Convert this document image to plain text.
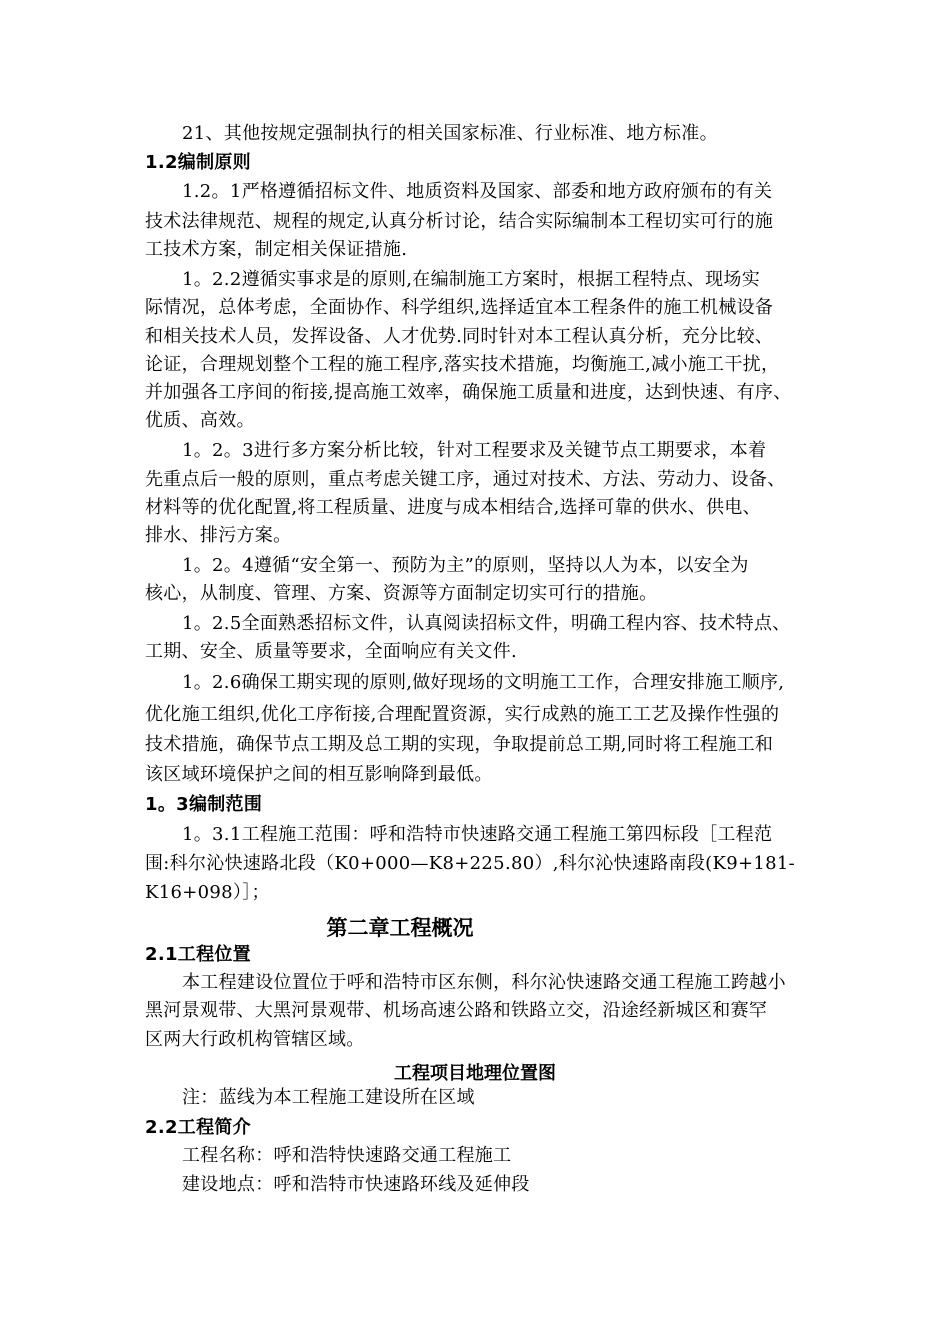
21、其他按规定强制执行的相关国家标准、行业标准、地方标准。
1.2编制原则
1.2。1严格遵循招标文件、地质资料及国家、部委和地方政府颁布的有关
技术法律规范、规程的规定,认真分析讨论，结合实际编制本工程切实可行的施
工技术方案，制定相关保证措施.
1。2.2遵循实事求是的原则,在编制施工方案时，根据工程特点、现场实
际情况，总体考虑，全面协作、科学组织,选择适宜本工程条件的施工机械设备
和相关技术人员，发挥设备、人才优势.同时针对本工程认真分析，充分比较、
论证，合理规划整个工程的施工程序,落实技术措施，均衡施工,减小施工干扰，
并加强各工序间的衔接,提高施工效率，确保施工质量和进度，达到快速、有序、
优质、高效。
1。2。3进行多方案分析比较，针对工程要求及关键节点工期要求，本着
先重点后一般的原则，重点考虑关键工序，通过对技术、方法、劳动力、设备、
材料等的优化配置,将工程质量、进度与成本相结合,选择可靠的供水、供电、
排水、排污方案。
1。2。4遵循“安全第一、预防为主”的原则，坚持以人为本，以安全为
核心，从制度、管理、方案、资源等方面制定切实可行的措施。
1。2.5全面熟悉招标文件，认真阅读招标文件，明确工程内容、技术特点、
工期、安全、质量等要求，全面响应有关文件.
1。2.6确保工期实现的原则,做好现场的文明施工工作，合理安排施工顺序,
优化施工组织,优化工序衔接,合理配置资源，实行成熟的施工工艺及操作性强的
技术措施，确保节点工期及总工期的实现，争取提前总工期,同时将工程施工和
该区域环境保护之间的相互影响降到最低。
1。3编制范围
1。3.1工程施工范围：呼和浩特市快速路交通工程施工第四标段［工程范
围:科尔沁快速路北段（K0+000—K8+225.80）,科尔沁快速路南段(K9+181-
K16+098）］；
第二章工程概况
2.1工程位置
本工程建设位置位于呼和浩特市区东侧，科尔沁快速路交通工程施工跨越小
黑河景观带、大黑河景观带、机场高速公路和铁路立交，沿途经新城区和赛罕
区两大行政机构管辖区域。
工程项目地理位置图
注：蓝线为本工程施工建设所在区域
2.2工程简介
工程名称：呼和浩特快速路交通工程施工
建设地点：呼和浩特市快速路环线及延伸段
